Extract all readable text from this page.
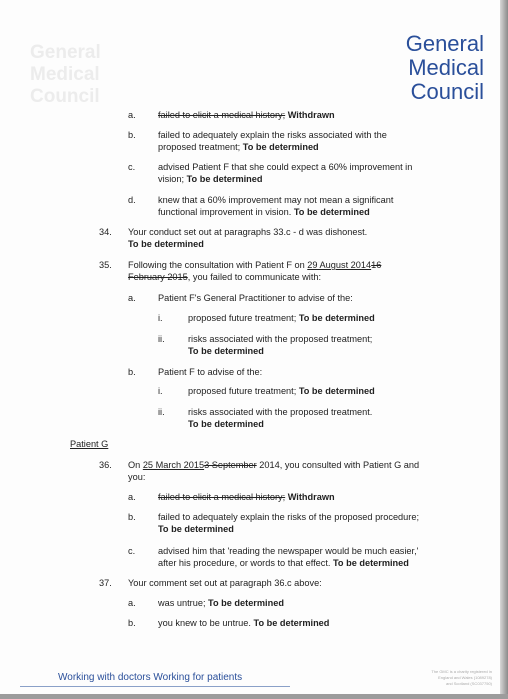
General
Medical
Council
General
Medical
Council
a. failed to elicit a medical history; Withdrawn
b. failed to adequately explain the risks associated with the
proposed treatment; To be determined
c. advised Patient F that she could expect a 60% improvement in
vision; To be determined
d. knew that a 60% improvement may not mean a significant
functional improvement in vision. To be determined
34. Your conduct set out at paragraphs 33.c - d was dishonest.
To be determined
35. Following the consultation with Patient F on 29 August 201416
February 2015, you failed to communicate with:
a. Patient F's General Practitioner to advise of the:
i.	proposed future treatment; To be determined
ii.	risks associated with the proposed treatment;
To be determined
b. Patient F to advise of the:
i.	proposed future treatment; To be determined
ii.	risks associated with the proposed treatment.
To be determined
Patient G
36. On 25 March 20153 September 2014, you consulted with Patient G and
you:
a. failed to elicit a medical history; Withdrawn
b. failed to adequately explain the risks of the proposed procedure;
To be determined
c. advised him that 'reading the newspaper would be much easier,'
after his procedure, or words to that effect. To be determined
37. Your comment set out at paragraph 36.c above:
a. was untrue; To be determined
b. you knew to be untrue. To be determined
Working with doctors Working for patients
The GMC is a charity registered in
England and Wales (1089278)
and Scotland (SC037750)
